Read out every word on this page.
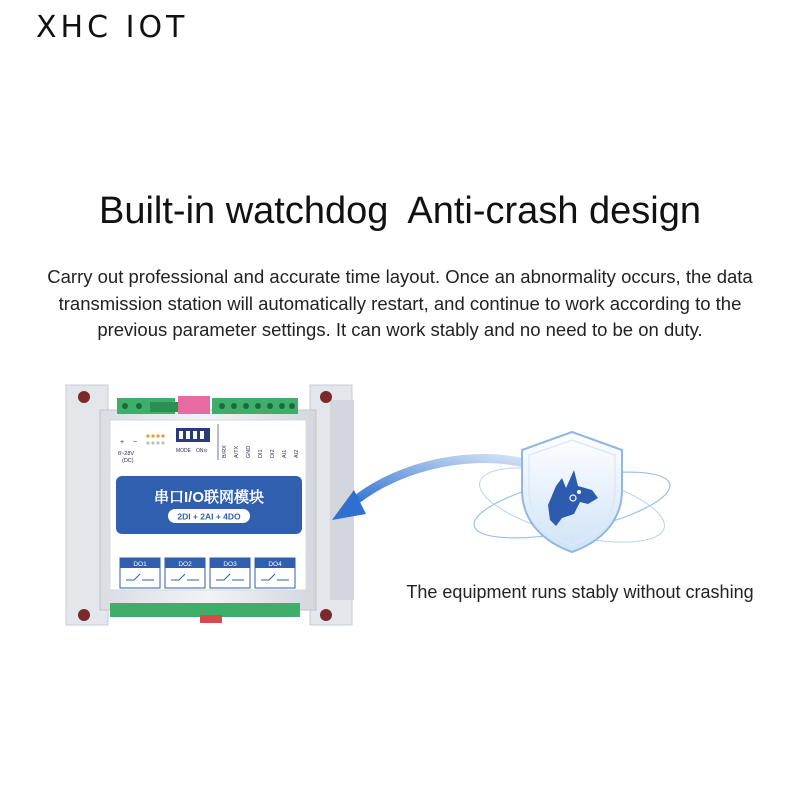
XHC IOT
Built-in watchdog  Anti-crash design
Carry out professional and accurate time layout. Once an abnormality occurs, the data
transmission station will automatically restart, and continue to work according to the
previous parameter settings. It can work stably and no need to be on duty.
+ −
8~28V
(DC)
MODE ON⊙	B/RX A/TX GND DI1 DI2 AI1 AI2
串口I/O联网模块
2DI + 2AI + 4DO
DO1	DO2	DO3	DO4
The equipment runs stably without crashing
